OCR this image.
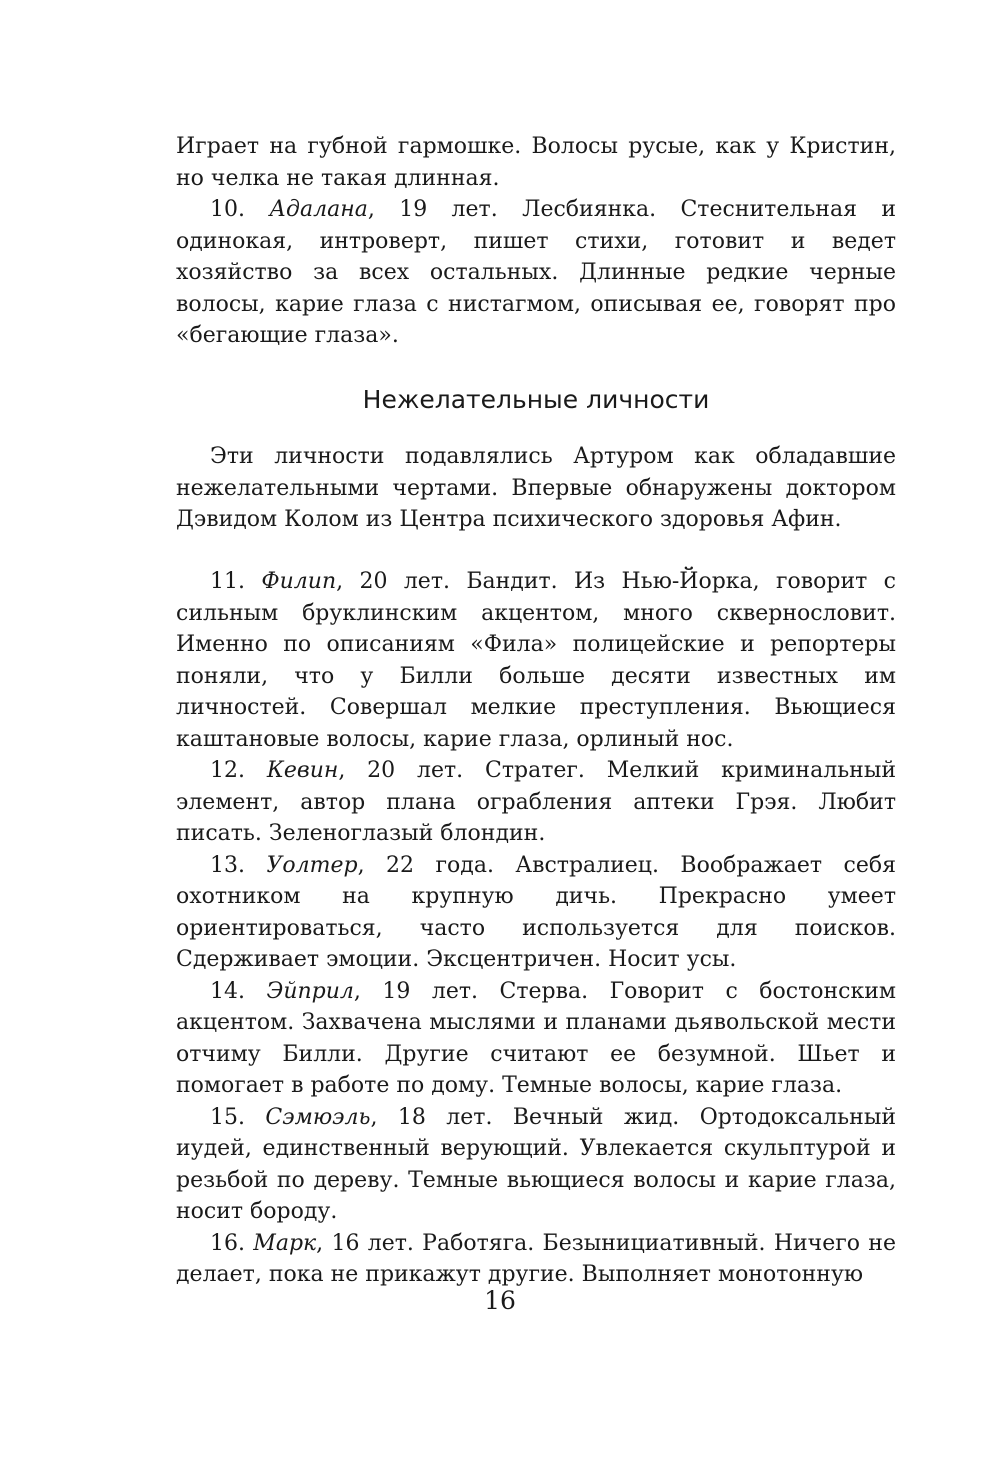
Играет на губной гармошке. Волосы русые, как у Кристин, но челка не такая длинная.

10. Адалана, 19 лет. Лесбиянка. Стеснительная и одинокая, интроверт, пишет стихи, готовит и ведет хозяйство за всех остальных. Длинные редкие черные волосы, карие глаза с нистагмом, описывая ее, говорят про «бегающие глаза».

Нежелательные личности

Эти личности подавлялись Артуром как обладавшие нежелательными чертами. Впервые обнаружены доктором Дэвидом Колом из Центра психического здоровья Афин.

11. Филип, 20 лет. Бандит. Из Нью-Йорка, говорит с сильным бруклинским акцентом, много сквернословит. Именно по описаниям «Фила» полицейские и репортеры поняли, что у Билли больше десяти известных им личностей. Совершал мелкие преступления. Вьющиеся каштановые волосы, карие глаза, орлиный нос.

12. Кевин, 20 лет. Стратег. Мелкий криминальный элемент, автор плана ограбления аптеки Грэя. Любит писать. Зеленоглазый блондин.

13. Уолтер, 22 года. Австралиец. Воображает себя охотником на крупную дичь. Прекрасно умеет ориентироваться, часто используется для поисков. Сдерживает эмоции. Эксцентричен. Носит усы.

14. Эйприл, 19 лет. Стерва. Говорит с бостонским акцентом. Захвачена мыслями и планами дьявольской мести отчиму Билли. Другие считают ее безумной. Шьет и помогает в работе по дому. Темные волосы, карие глаза.

15. Сэмюэль, 18 лет. Вечный жид. Ортодоксальный иудей, единственный верующий. Увлекается скульптурой и резьбой по дереву. Темные вьющиеся волосы и карие глаза, носит бороду.

16. Марк, 16 лет. Работяга. Безынициативный. Ничего не делает, пока не прикажут другие. Выполняет монотонную

16
